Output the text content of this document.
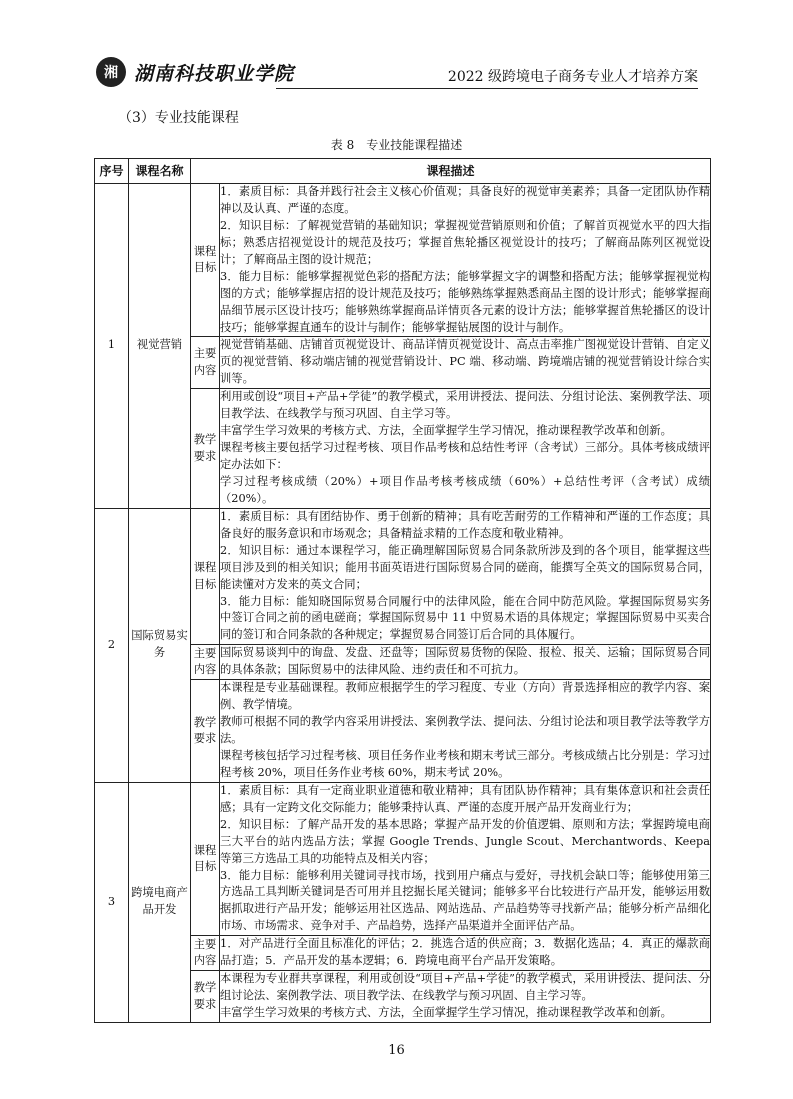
湘 湖南科技职业学院	2022 级跨境电子商务专业人才培养方案
（3）专业技能课程
表 8　专业技能课程描述
序号	课程名称	课程描述	
1	视觉营销	课程目标	1．素质目标：具备并践行社会主义核心价值观；具备良好的视觉审美素养；具备一定团队协作精神以及认真、严谨的态度。
2．知识目标：了解视觉营销的基础知识；掌握视觉营销原则和价值；了解首页视觉水平的四大指标；熟悉店招视觉设计的规范及技巧；掌握首焦轮播区视觉设计的技巧；了解商品陈列区视觉设计；了解商品主图的设计规范；
3．能力目标：能够掌握视觉色彩的搭配方法；能够掌握文字的调整和搭配方法；能够掌握视觉构图的方式；能够掌握店招的设计规范及技巧；能够熟练掌握熟悉商品主图的设计形式；能够掌握商品细节展示区设计技巧；能够熟练掌握商品详情页各元素的设计方法；能够掌握首焦轮播区的设计技巧；能够掌握直通车的设计与制作；能够掌握钻展图的设计与制作。

		主要内容	视觉营销基础、店铺首页视觉设计、商品详情页视觉设计、高点击率推广图视觉设计营销、自定义页的视觉营销、移动端店铺的视觉营销设计、PC 端、移动端、跨境端店铺的视觉营销设计综合实训等。

		教学要求	利用或创设“项目+产品+学徒”的教学模式，采用讲授法、提问法、分组讨论法、案例教学法、项目教学法、在线教学与预习巩固、自主学习等。
丰富学生学习效果的考核方式、方法，全面掌握学生学习情况，推动课程教学改革和创新。
课程考核主要包括学习过程考核、项目作品考核和总结性考评（含考试）三部分。具体考核成绩评定办法如下：
学习过程考核成绩（20%）+项目作品考核考核成绩（60%）+总结性考评（含考试）成绩（20%）。

2	国际贸易实务	课程目标	1．素质目标：具有团结协作、勇于创新的精神；具有吃苦耐劳的工作精神和严谨的工作态度；具备良好的服务意识和市场观念；具备精益求精的工作态度和敬业精神。
2．知识目标：通过本课程学习，能正确理解国际贸易合同条款所涉及到的各个项目，能掌握这些项目涉及到的相关知识；能用书面英语进行国际贸易合同的磋商，能撰写全英文的国际贸易合同，能读懂对方发来的英文合同；
3．能力目标：能知晓国际贸易合同履行中的法律风险，能在合同中防范风险。掌握国际贸易实务中签订合同之前的函电磋商；掌握国际贸易中 11 中贸易术语的具体规定；掌握国际贸易中买卖合同的签订和合同条款的各种规定；掌握贸易合同签订后合同的具体履行。

		主要内容	国际贸易谈判中的询盘、发盘、还盘等；国际贸易货物的保险、报检、报关、运输；国际贸易合同的具体条款；国际贸易中的法律风险、违约责任和不可抗力。

		教学要求	本课程是专业基础课程。教师应根据学生的学习程度、专业（方向）背景选择相应的教学内容、案例、教学情境。
教师可根据不同的教学内容采用讲授法、案例教学法、提问法、分组讨论法和项目教学法等教学方法。
课程考核包括学习过程考核、项目任务作业考核和期末考试三部分。考核成绩占比分别是：学习过程考核 20%，项目任务作业考核 60%，期末考试 20%。

3	跨境电商产品开发	课程目标	1．素质目标：具有一定商业职业道德和敬业精神；具有团队协作精神；具有集体意识和社会责任感；具有一定跨文化交际能力；能够秉持认真、严谨的态度开展产品开发商业行为；
2．知识目标：了解产品开发的基本思路；掌握产品开发的价值逻辑、原则和方法；掌握跨境电商三大平台的站内选品方法；掌握 Google Trends、Jungle Scout、Merchantwords、Keepa 等第三方选品工具的功能特点及相关内容；
3．能力目标：能够利用关键词寻找市场，找到用户痛点与爱好，寻找机会缺口等；能够使用第三方选品工具判断关键词是否可用并且挖掘长尾关键词；能够多平台比较进行产品开发，能够运用数据抓取进行产品开发；能够运用社区选品、网站选品、产品趋势等寻找新产品；能够分析产品细化市场、市场需求、竞争对手、产品趋势，选择产品渠道并全面评估产品。

		主要内容	1．对产品进行全面且标准化的评估；2．挑选合适的供应商；3．数据化选品；4．真正的爆款商品打造；5．产品开发的基本逻辑；6．跨境电商平台产品开发策略。

		教学要求	本课程为专业群共享课程，利用或创设“项目+产品+学徒”的教学模式，采用讲授法、提问法、分组讨论法、案例教学法、项目教学法、在线教学与预习巩固、自主学习等。
丰富学生学习效果的考核方式、方法，全面掌握学生学习情况，推动课程教学改革和创新。
16
